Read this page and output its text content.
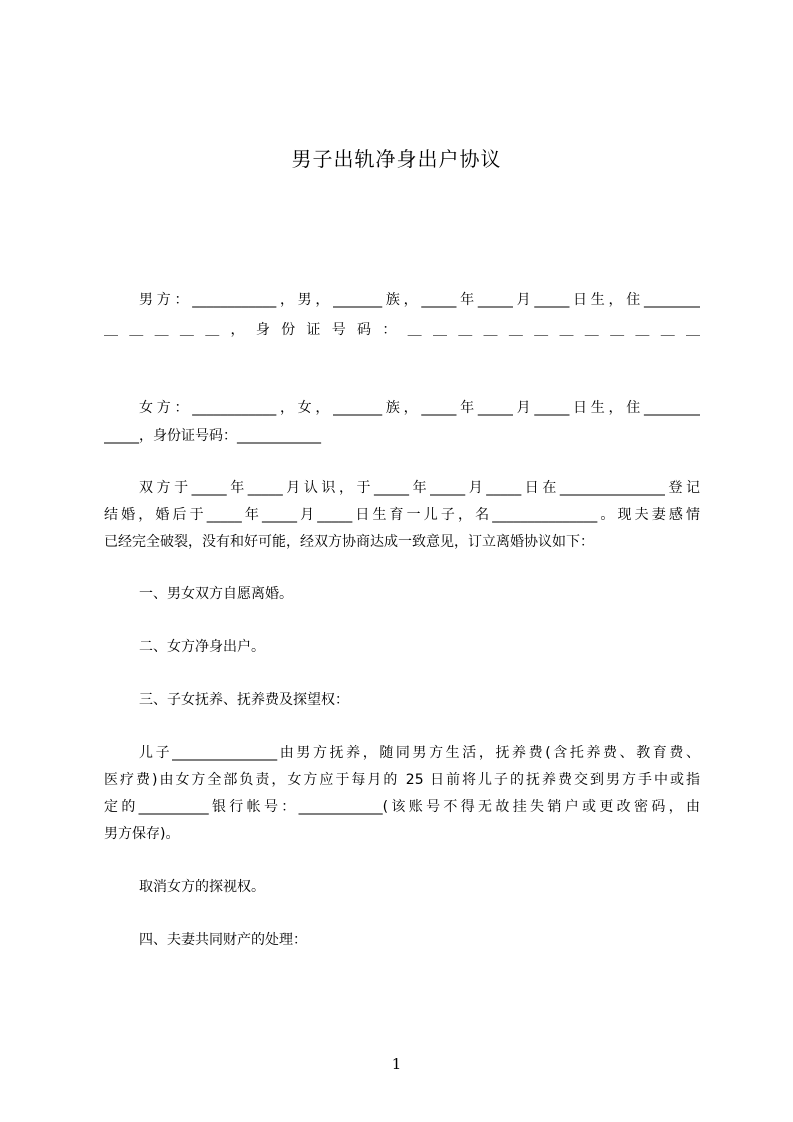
男子出轨净身出户协议
男方：____________，男，_______族，_____年_____月_____日生，住________
＿ ＿ ＿ ＿ ＿ ， 身 份 证 号 码 ： ＿ ＿ ＿ ＿ ＿ ＿ ＿ ＿ ＿ ＿ ＿ ＿
女方：____________，女，_______族，_____年_____月_____日生，住________
_____，身份证号码：____________
双方于_____年_____月认识，于_____年_____月_____日在_______________登记
结婚，婚后于_____年_____月_____日生育一儿子，名_______________。现夫妻感情
已经完全破裂，没有和好可能，经双方协商达成一致意见，订立离婚协议如下：
一、男女双方自愿离婚。
二、女方净身出户。
三、子女抚养、抚养费及探望权：
儿子_______________由男方抚养，随同男方生活，抚养费(含托养费、教育费、
医疗费)由女方全部负责，女方应于每月的 25 日前将儿子的抚养费交到男方手中或指
定的__________银行帐号：____________(该账号不得无故挂失销户或更改密码，由
男方保存)。
取消女方的探视权。
四、夫妻共同财产的处理：
1
